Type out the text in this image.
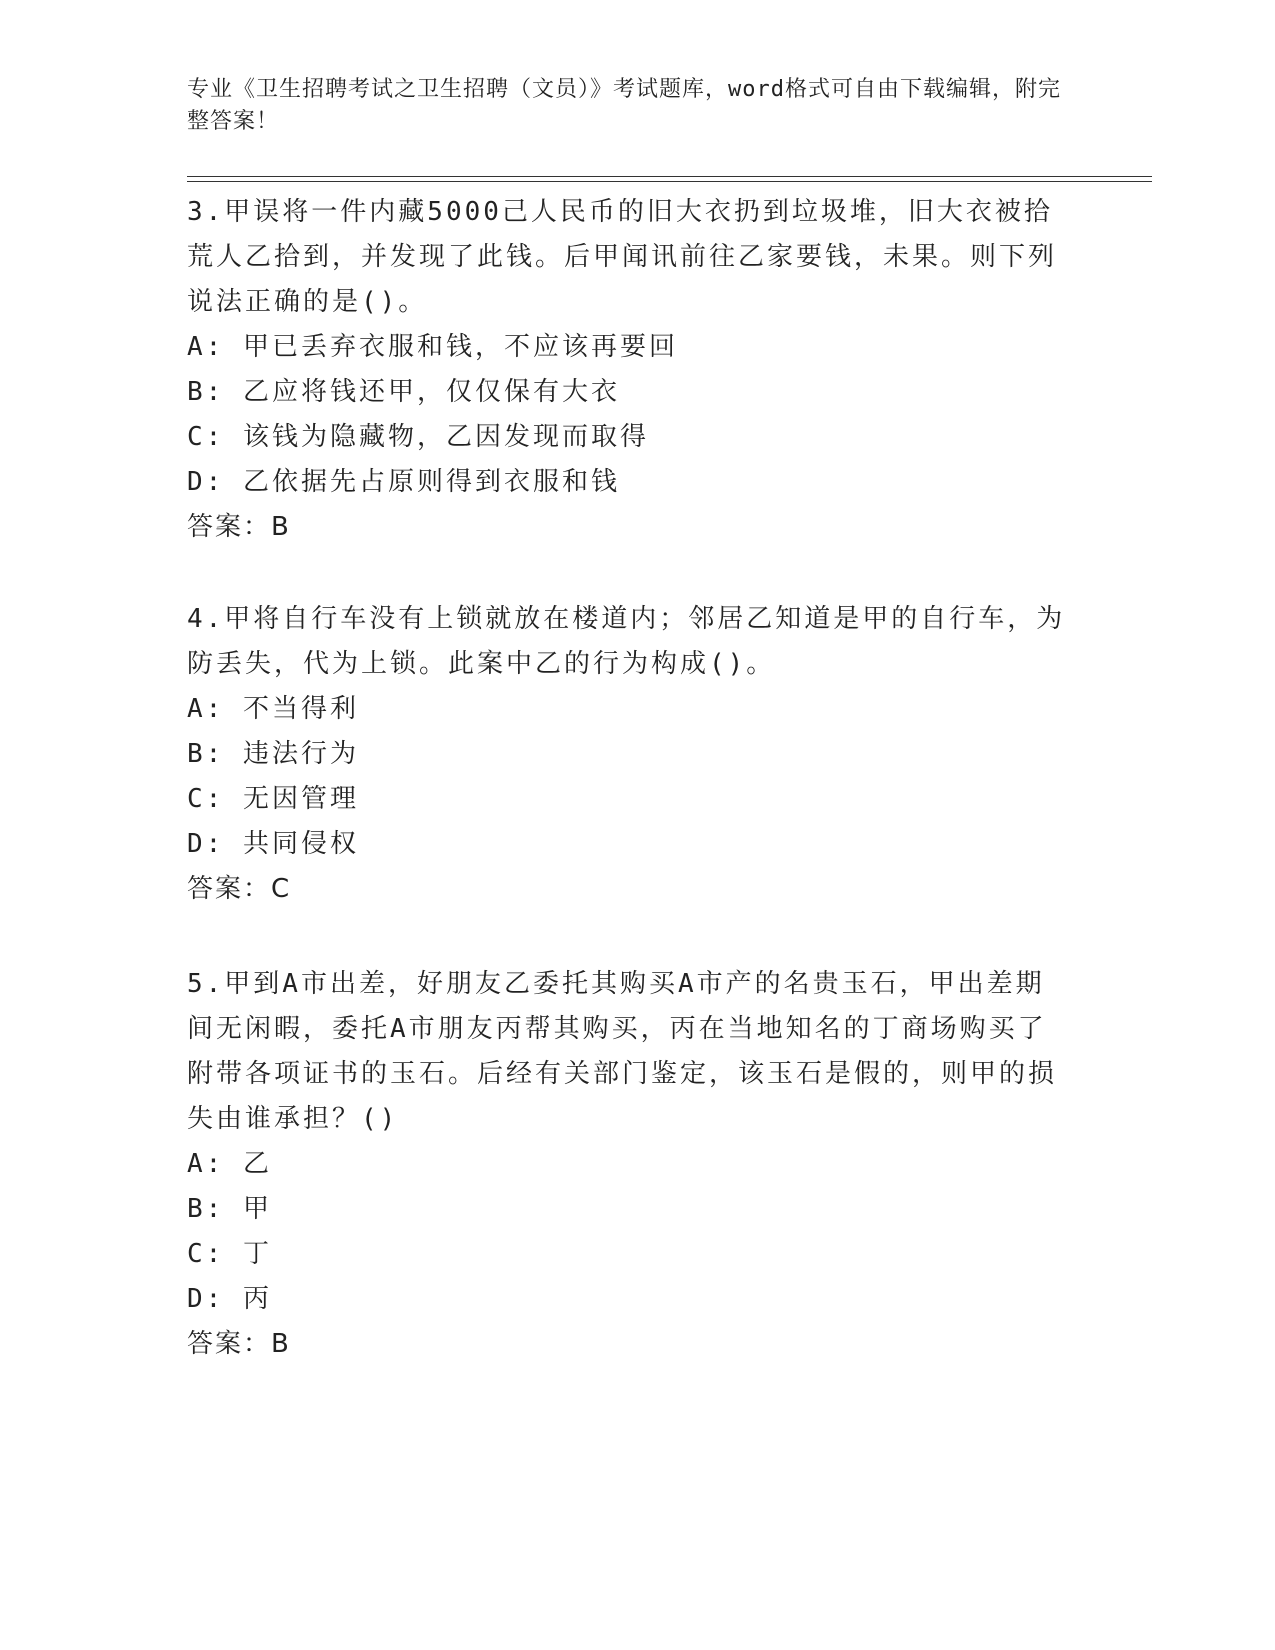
专业《卫生招聘考试之卫生招聘（文员）》考试题库，word格式可自由下载编辑，附完整答案！

3.甲误将一件内藏5000己人民币的旧大衣扔到垃圾堆，旧大衣被拾荒人乙拾到，并发现了此钱。后甲闻讯前往乙家要钱，未果。则下列说法正确的是()。

A: 甲已丢弃衣服和钱，不应该再要回
B: 乙应将钱还甲，仅仅保有大衣
C: 该钱为隐藏物，乙因发现而取得
D: 乙依据先占原则得到衣服和钱
答案：B

4.甲将自行车没有上锁就放在楼道内；邻居乙知道是甲的自行车，为防丢失，代为上锁。此案中乙的行为构成()。

A: 不当得利
B: 违法行为
C: 无因管理
D: 共同侵权
答案：C

5.甲到A市出差，好朋友乙委托其购买A市产的名贵玉石，甲出差期间无闲暇，委托A市朋友丙帮其购买，丙在当地知名的丁商场购买了附带各项证书的玉石。后经有关部门鉴定，该玉石是假的，则甲的损失由谁承担？()

A: 乙
B: 甲
C: 丁
D: 丙
答案：B
